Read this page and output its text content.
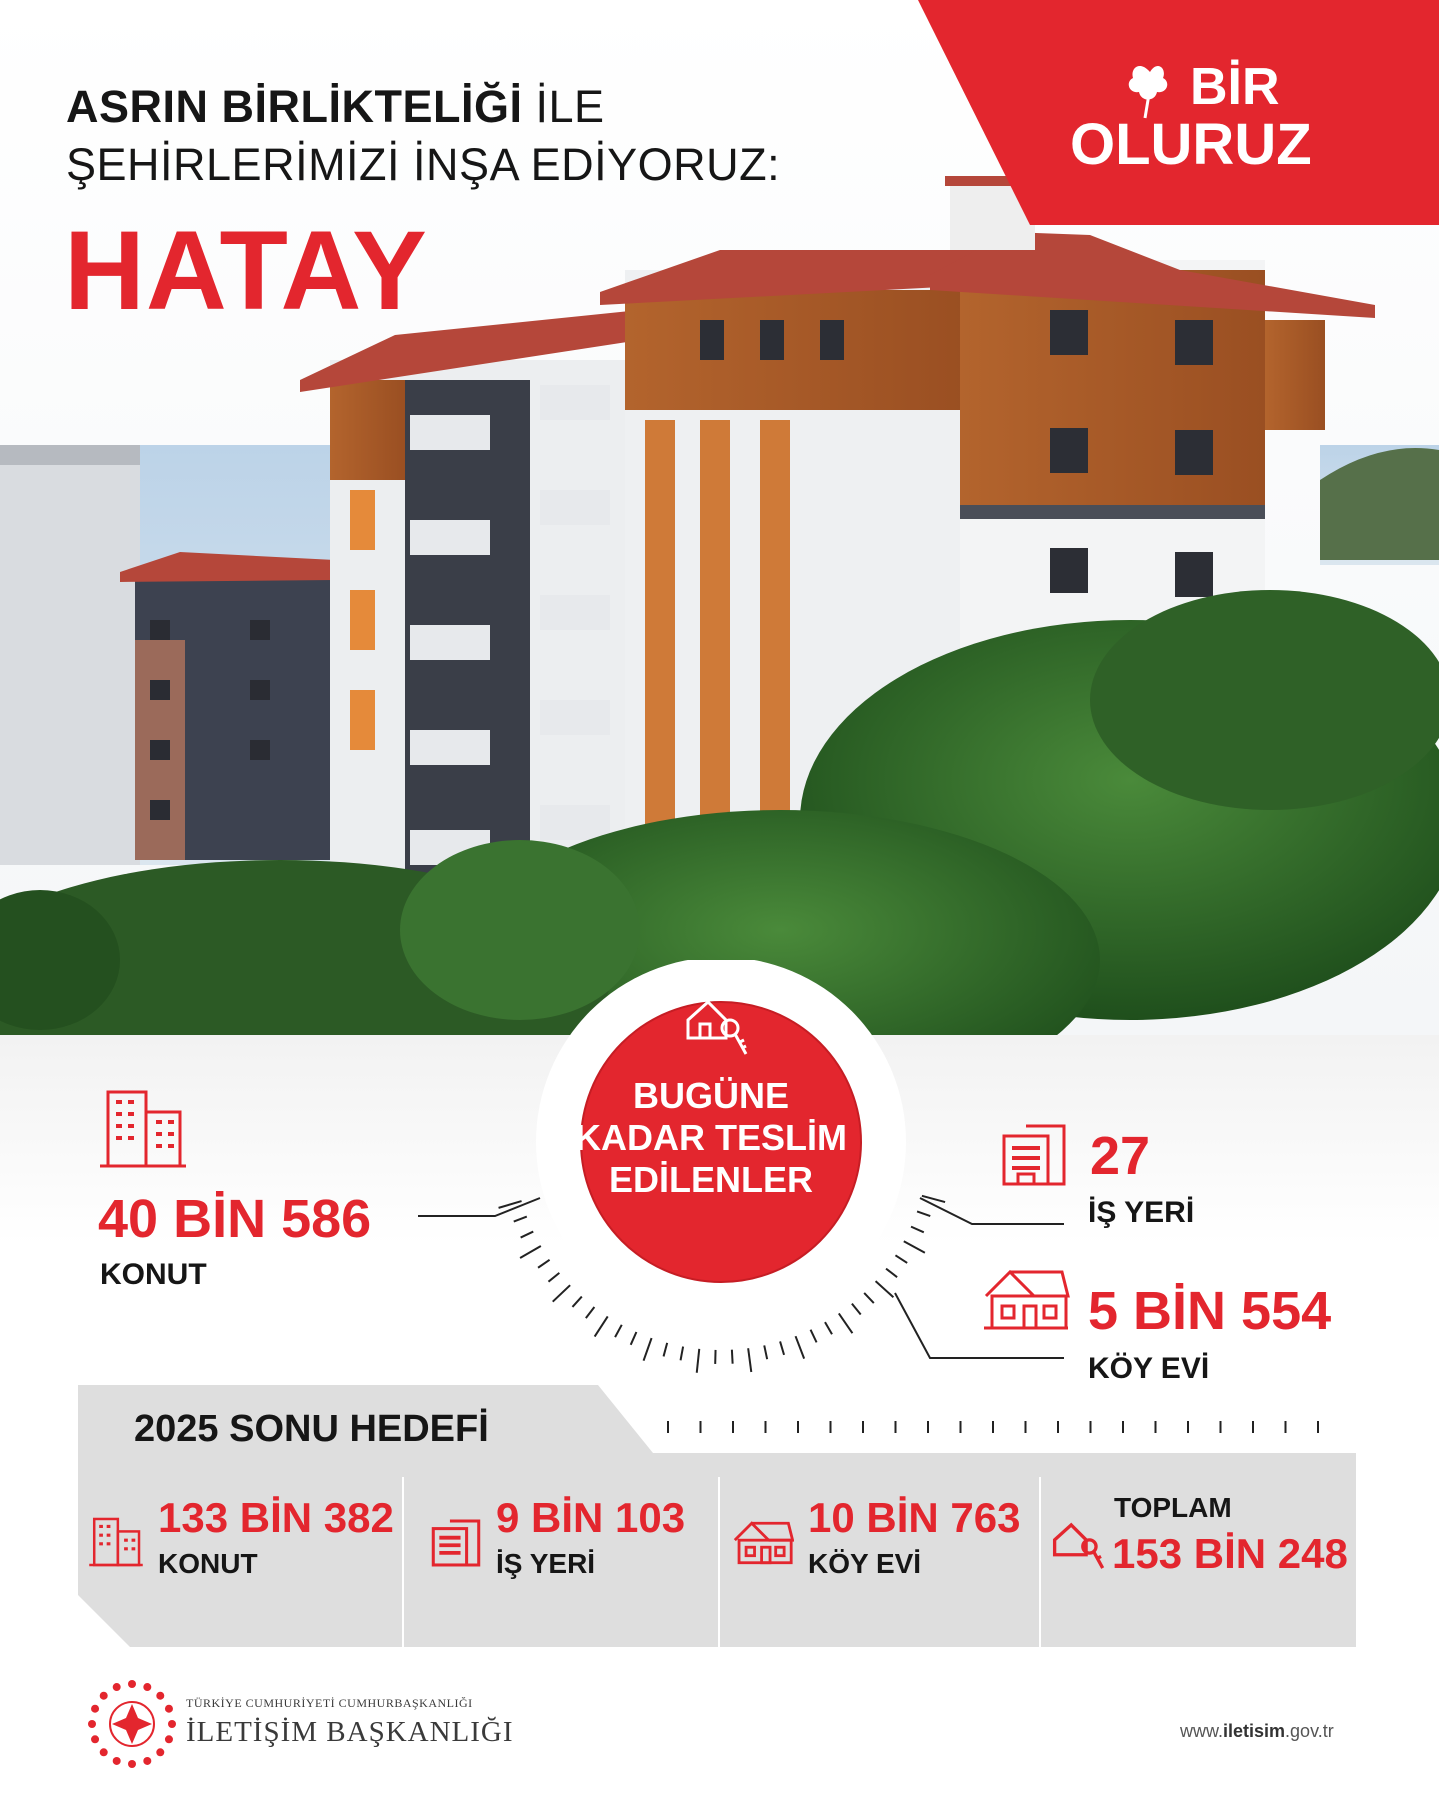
BİR
OLURUZ
ASRIN BİRLİKTELİĞİ İLE
ŞEHİRLERİMİZİ İNŞA EDİYORUZ:
HATAY
BUGÜNE
KADAR TESLİM
EDİLENLER
40 BİN 586
KONUT
27
İŞ YERİ
5 BİN 554
KÖY EVİ
2025 SONU HEDEFİ
133 BİN 382
KONUT
9 BİN 103
İŞ YERİ
10 BİN 763
KÖY EVİ
TOPLAM
153 BİN 248
TÜRKİYE CUMHURİYETİ CUMHURBAŞKANLIĞI
İLETİŞİM BAŞKANLIĞI	www.iletisim.gov.tr
